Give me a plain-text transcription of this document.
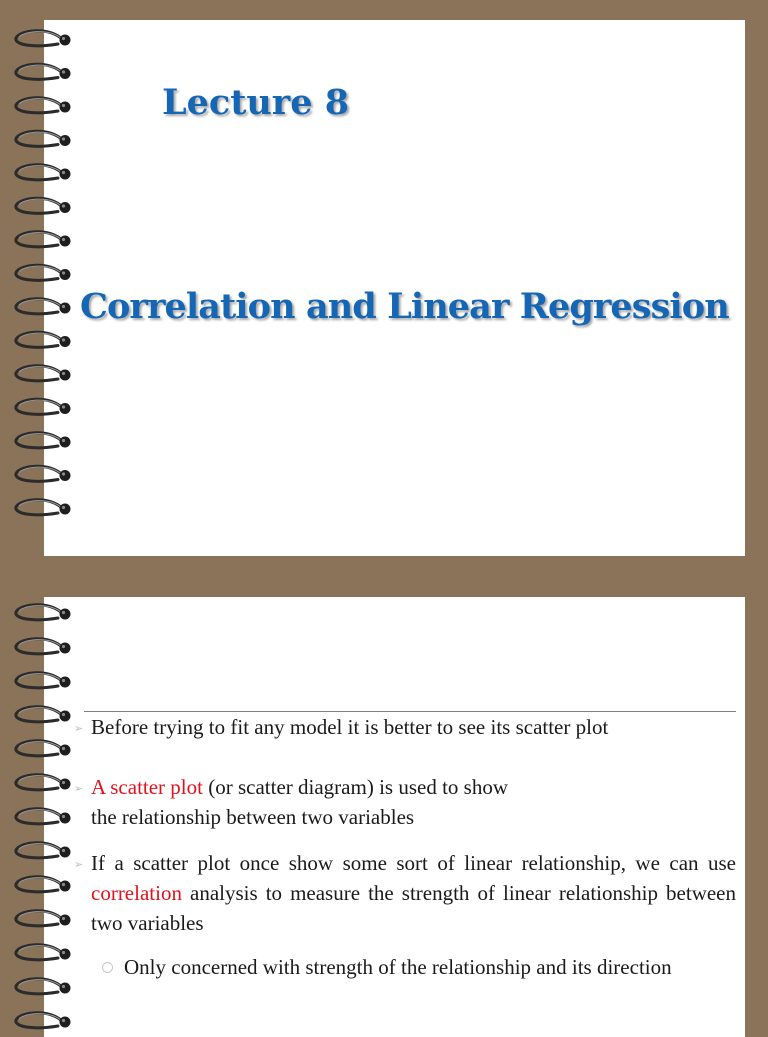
Lecture 8
Correlation and Linear Regression
➢ Before trying to fit any model it is better to see its scatter plot

➢ A scatter plot (or scatter diagram) is used to show
the relationship between two variables

➢ If a scatter plot once show some sort of linear relationship, we can use correlation analysis to measure the strength of linear relationship between two variables

Only concerned with strength of the relationship and its direction
